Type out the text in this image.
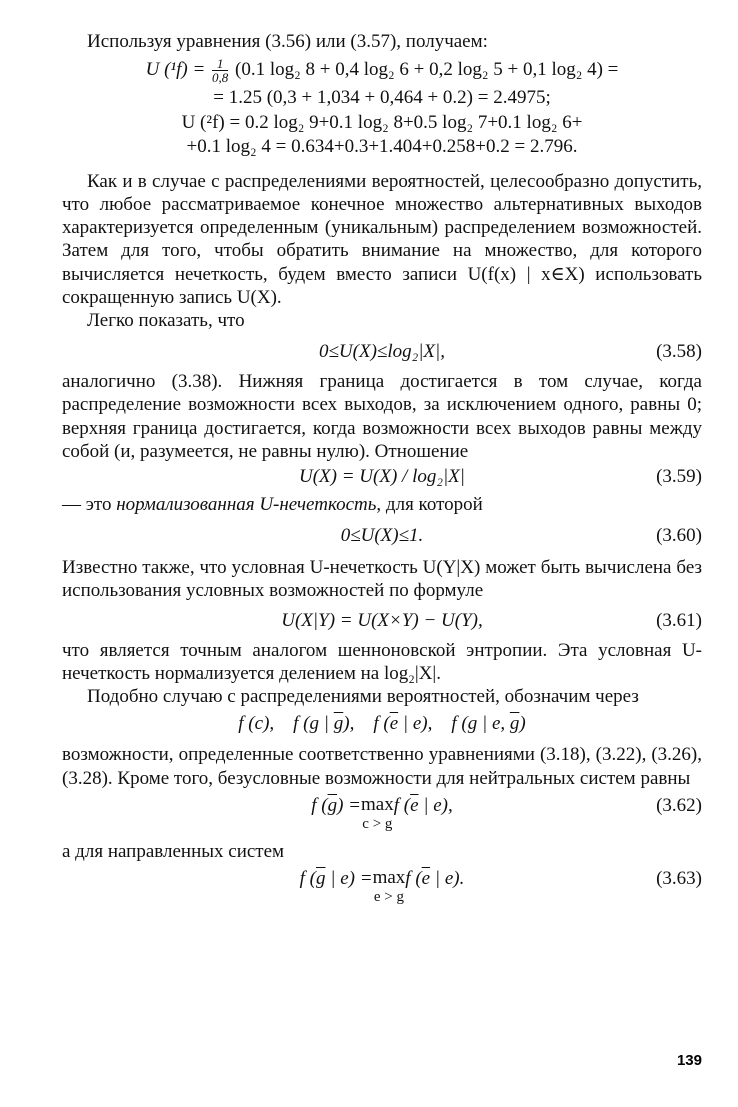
Используя уравнения (3.56) или (3.57), получаем:

U $(^1f) = \frac{1}{0,8} (0.1$ log₂ 8 + 0,4 log₂ 6 + 0,2 log₂ 5 + 0,1 log₂ 4) =
= 1.25 (0,3 + 1,034 + 0,464 + 0.2) = 2.4975;
U (²f) = 0.2 log₂ 9+0.1 log₂ 8+0.5 log₂ 7+0.1 log₂ 6+
+0.1 log₂ 4 = 0.634+0.3+1.404+0.258+0.2 = 2.796.

Как и в случае с распределениями вероятностей, целесообразно допустить, что любое рассматриваемое конечное множество альтернативных выходов характеризуется определенным (уникальным) распределением возможностей. Затем для того, чтобы обратить внимание на множество, для которого вычисляется нечеткость, будем вместо записи U(f(x) | x∈X) использовать сокращенную запись U(X).

Легко показать, что

0≤U(X)≤log₂|X|,	(3.58)

аналогично (3.38). Нижняя граница достигается в том случае, когда распределение возможности всех выходов, за исключением одного, равны 0; верхняя граница достигается, когда возможности всех выходов равны между собой (и, разумеется, не равны нулю). Отношение

U(X) = U(X) / log₂|X|	(3.59)

— это нормализованная U-нечеткость, для которой

0≤U(X)≤1.	(3.60)

Известно также, что условная U-нечеткость U(Y|X) может быть вычислена без использования условных возможностей по формуле

U(X|Y) = U(X×Y) − U(Y),	(3.61)

что является точным аналогом шенноновской энтропии. Эта условная U-нечеткость нормализуется делением на log₂|X|.

Подобно случаю с распределениями вероятностей, обозначим через

f (c), f (g | $\overline{g}$), f ($\overline{e}$ | e), f (g | e, $\overline{g}$)

возможности, определенные соответственно уравнениями (3.18), (3.22), (3.26), (3.28). Кроме того, безусловные возможности для нейтральных систем равны

f $(\overline{g}) =\max$
c > g
f ($\overline{e}$ | e),	(3.62)

а для направленных систем

f ($\overline{g}$ | e) =max
e > g
f ($\overline{e}$ | e).	(3.63)
139
